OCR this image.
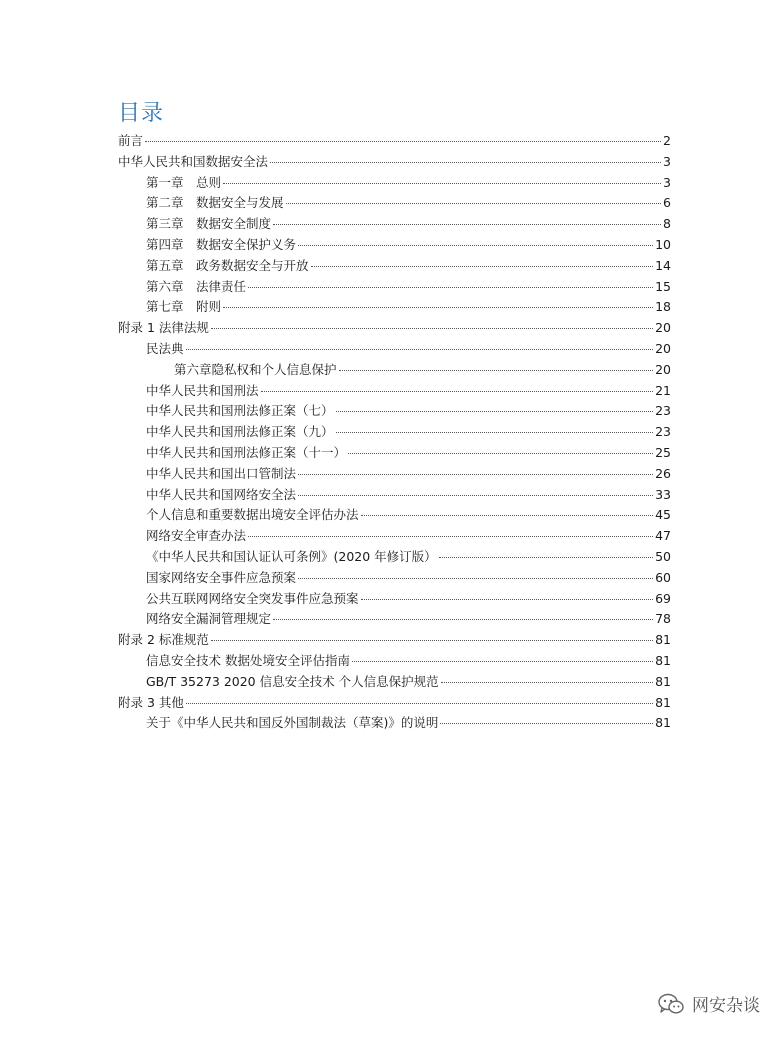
目录
前言	2
中华人民共和国数据安全法	3
第一章　总则	3
第二章　数据安全与发展	6
第三章　数据安全制度	8
第四章　数据安全保护义务	10
第五章　政务数据安全与开放	14
第六章　法律责任	15
第七章　附则	18
附录 1 法律法规	20
民法典	20
第六章隐私权和个人信息保护	20
中华人民共和国刑法	21
中华人民共和国刑法修正案（七）	23
中华人民共和国刑法修正案（九）	23
中华人民共和国刑法修正案（十一）	25
中华人民共和国出口管制法	26
中华人民共和国网络安全法	33
个人信息和重要数据出境安全评估办法	45
网络安全审查办法	47
《中华人民共和国认证认可条例》(2020 年修订版）	50
国家网络安全事件应急预案	60
公共互联网网络安全突发事件应急预案	69
网络安全漏洞管理规定	78
附录 2 标准规范	81
信息安全技术 数据处境安全评估指南	81
GB/T 35273 2020 信息安全技术 个人信息保护规范	81
附录 3 其他	81
关于《中华人民共和国反外国制裁法（草案)》的说明	81
网安杂谈
